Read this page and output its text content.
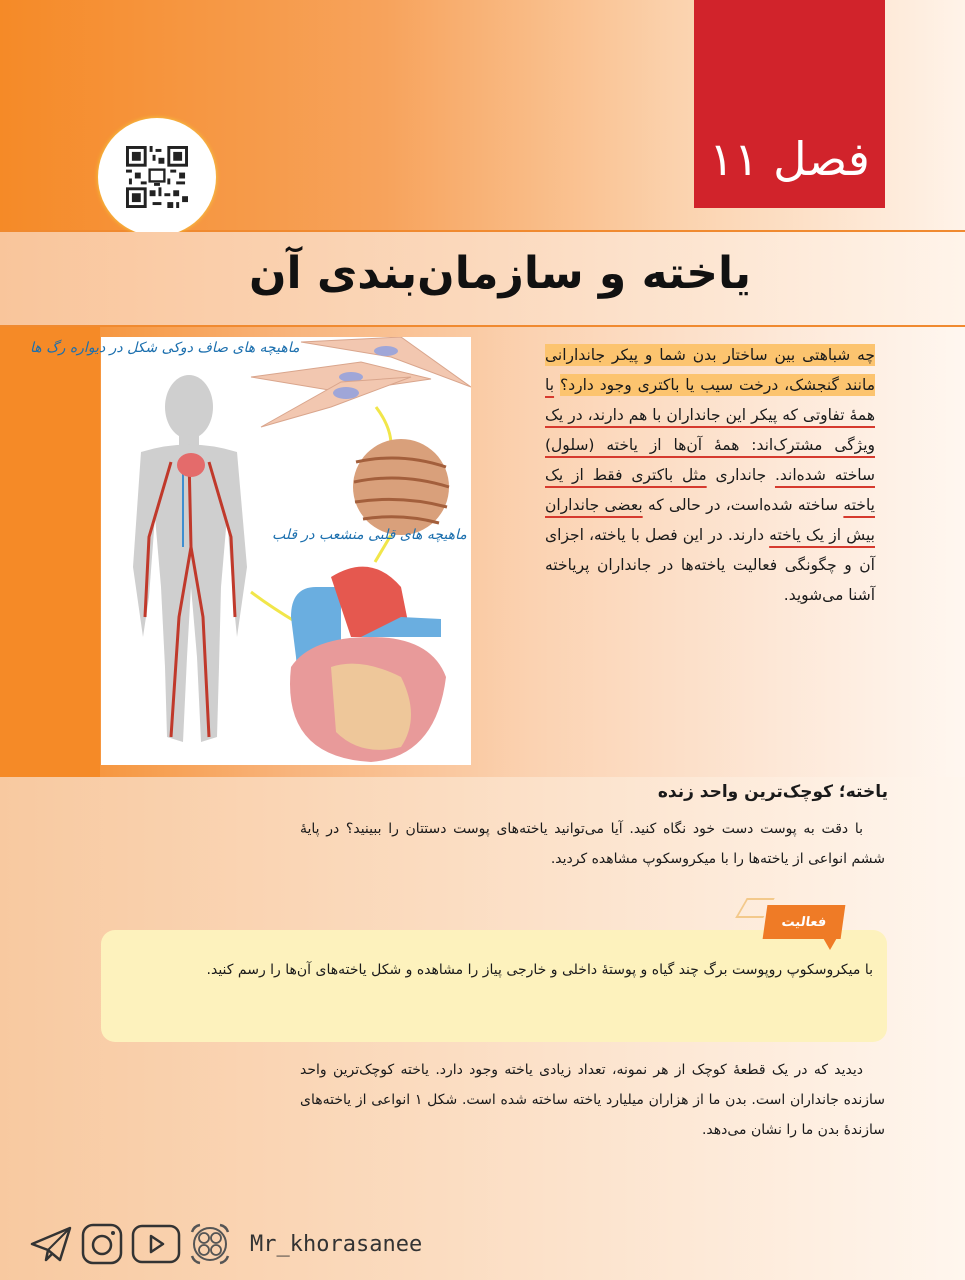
فصل ۱۱
یاخته و سازمان‌بندی آن
ماهیچه های صاف دوکی شکل در دیواره رگ ها
ماهیچه های قلبی منشعب در قلب

چه شباهتی بین ساختار بدن شما و پیکر جاندارانی مانند گنجشک، درخت سیب یا باکتری وجود دارد؟ با همهٔ تفاوتی که پیکر این جانداران با هم دارند، در یک ویژگی مشترک‌اند: همهٔ آن‌ها از یاخته (سلول) ساخته شده‌اند. جانداری مثل باکتری فقط از یک یاخته ساخته شده‌است، در حالی که بعضی جانداران بیش از یک یاخته دارند. در این فصل با یاخته، اجزای آن و چگونگی فعالیت یاخته‌ها در جانداران پریاخته آشنا می‌شوید.

یاخته؛ کوچک‌ترین واحد زنده

با دقت به پوست دست خود نگاه کنید. آیا می‌توانید یاخته‌های پوست دستتان را ببینید؟ در پایهٔ ششم انواعی از یاخته‌ها را با میکروسکوپ مشاهده کردید.

فعالیت
با میکروسکوپ روپوست برگ چند گیاه و پوستهٔ داخلی و خارجی پیاز را مشاهده و شکل یاخته‌های آن‌ها را رسم کنید.

دیدید که در یک قطعهٔ کوچک از هر نمونه، تعداد زیادی یاخته وجود دارد. یاخته کوچک‌ترین واحد سازنده جانداران است. بدن ما از هزاران میلیارد یاخته ساخته شده است. شکل ۱ انواعی از یاخته‌های سازندهٔ بدن ما را نشان می‌دهد.

Mr_khorasanee
